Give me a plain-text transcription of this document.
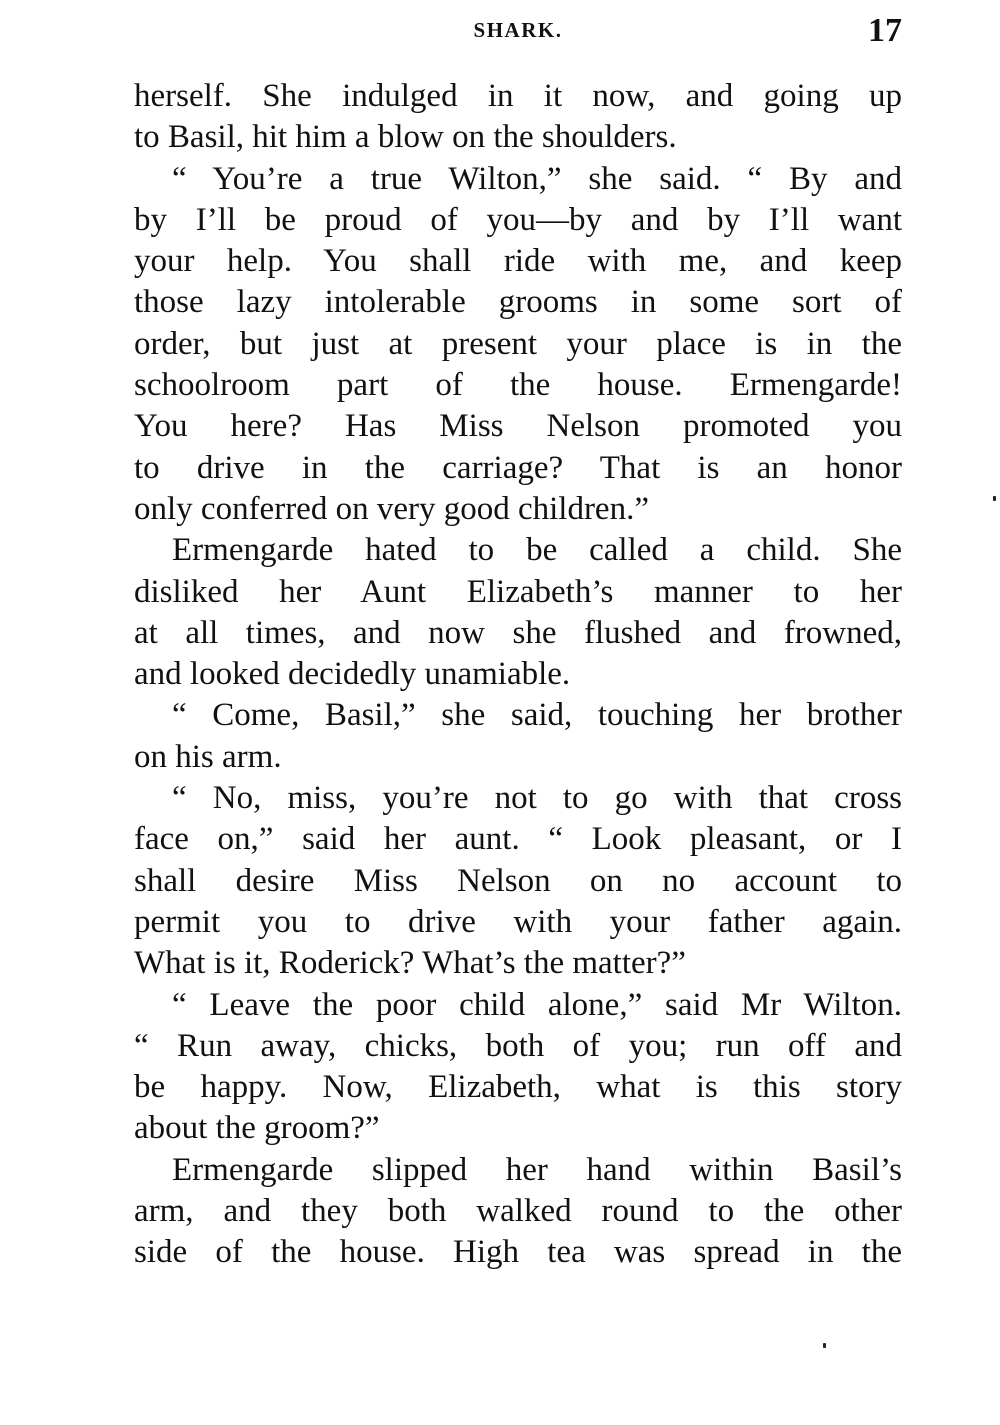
SHARK.	17
herself. She indulged in it now, and going up
to Basil, hit him a blow on the shoulders.
“ You’re a true Wilton,” she said. “ By and
by I’ll be proud of you—by and by I’ll want
your help. You shall ride with me, and keep
those lazy intolerable grooms in some sort of
order, but just at present your place is in the
schoolroom part of the house. Ermengarde!
You here? Has Miss Nelson promoted you
to drive in the carriage? That is an honor
only conferred on very good children.”
Ermengarde hated to be called a child. She
disliked her Aunt Elizabeth’s manner to her
at all times, and now she flushed and frowned,
and looked decidedly unamiable.
“ Come, Basil,” she said, touching her brother
on his arm.
“ No, miss, you’re not to go with that cross
face on,” said her aunt. “ Look pleasant, or I
shall desire Miss Nelson on no account to
permit you to drive with your father again.
What is it, Roderick? What’s the matter?”
“ Leave the poor child alone,” said Mr Wilton.
“ Run away, chicks, both of you; run off and
be happy. Now, Elizabeth, what is this story
about the groom?”
Ermengarde slipped her hand within Basil’s
arm, and they both walked round to the other
side of the house. High tea was spread in the
